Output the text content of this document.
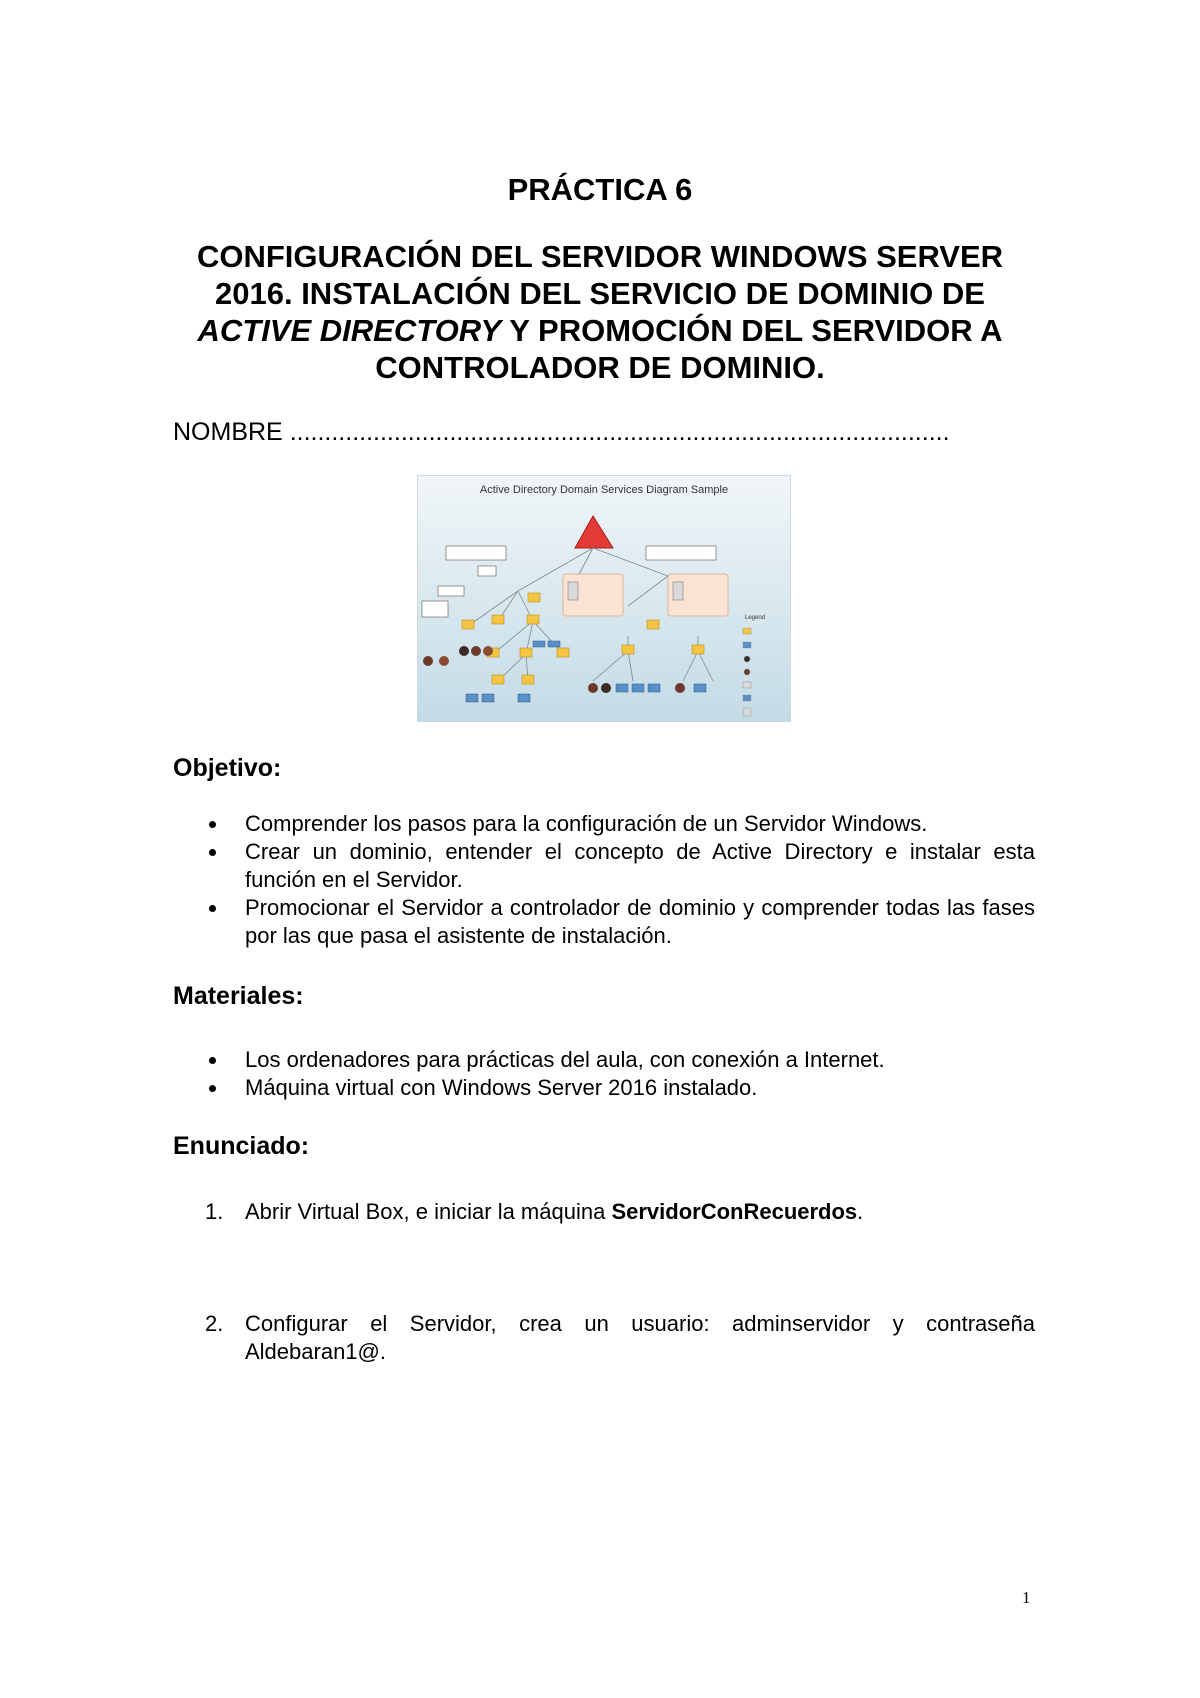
PRÁCTICA 6
CONFIGURACIÓN DEL SERVIDOR WINDOWS SERVER
2016. INSTALACIÓN DEL SERVICIO DE DOMINIO DE
ACTIVE DIRECTORY Y PROMOCIÓN DEL SERVIDOR A
CONTROLADOR DE DOMINIO.
NOMBRE ...............................................................................................
Active Directory Domain Services Diagram Sample
Legend
Objetivo:
Comprender los pasos para la configuración de un Servidor Windows.
Crear un dominio, entender el concepto de Active Directory e instalar esta función en el Servidor.
Promocionar el Servidor a controlador de dominio y comprender todas las fases por las que pasa el asistente de instalación.
Materiales:
Los ordenadores para prácticas del aula, con conexión a Internet.
Máquina virtual con Windows Server 2016 instalado.
Enunciado:
1. Abrir Virtual Box, e iniciar la máquina ServidorConRecuerdos.
2. Configurar el Servidor, crea un usuario: adminservidor y contraseña Aldebaran1@.
1
